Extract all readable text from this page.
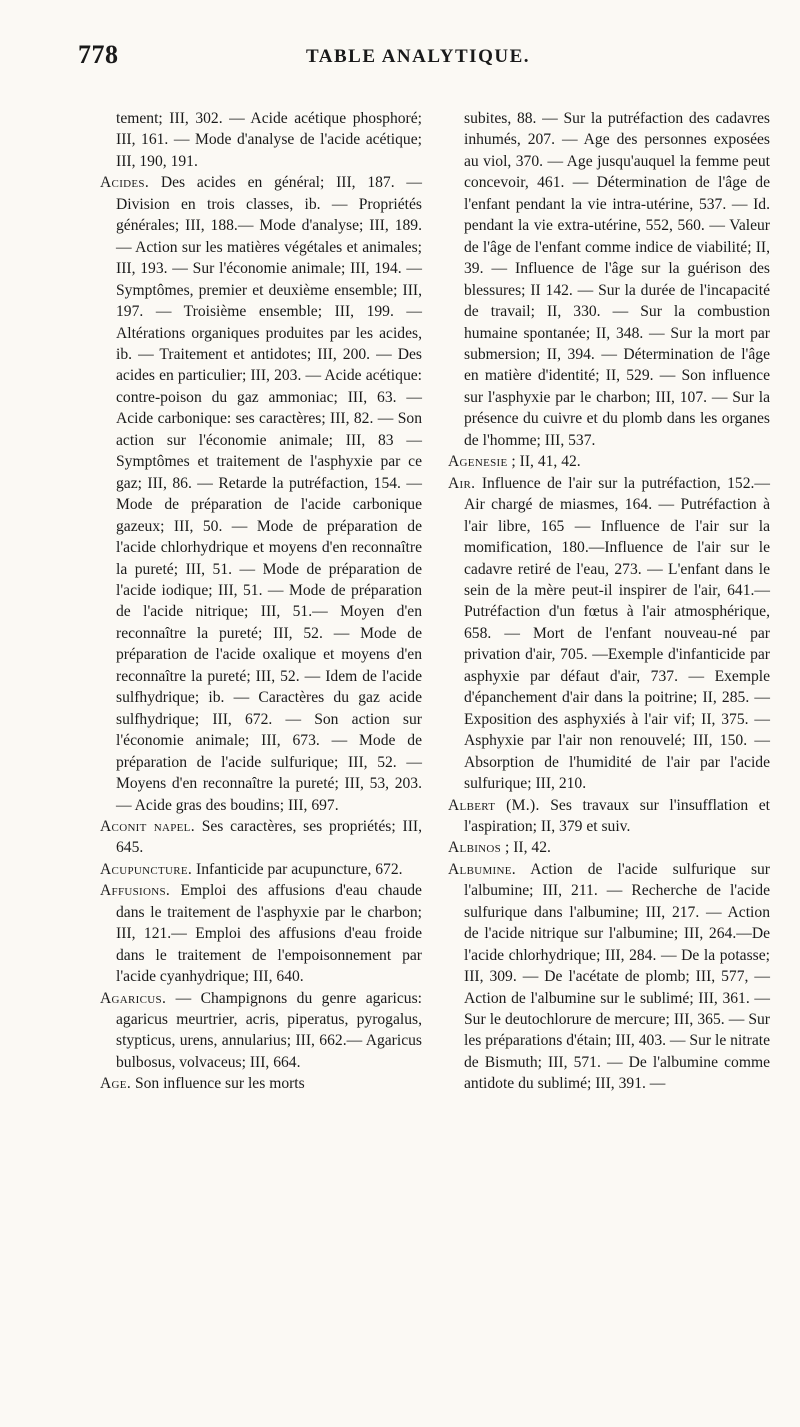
778	TABLE ANALYTIQUE.

tement; III, 302. — Acide acétique phosphoré; III, 161. — Mode d'analyse de l'acide acétique; III, 190, 191.

Acides. Des acides en général; III, 187. — Division en trois classes, ib. — Propriétés générales; III, 188.— Mode d'analyse; III, 189. — Action sur les matières végétales et animales; III, 193. — Sur l'économie animale; III, 194. — Symptômes, premier et deuxième ensemble; III, 197. — Troisième ensemble; III, 199. — Altérations organiques produites par les acides, ib. — Traitement et antidotes; III, 200. — Des acides en particulier; III, 203. — Acide acétique: contre-poison du gaz ammoniac; III, 63. — Acide carbonique: ses caractères; III, 82. — Son action sur l'économie animale; III, 83 — Symptômes et traitement de l'asphyxie par ce gaz; III, 86. — Retarde la putréfaction, 154. — Mode de préparation de l'acide carbonique gazeux; III, 50. — Mode de préparation de l'acide chlorhydrique et moyens d'en reconnaître la pureté; III, 51. — Mode de préparation de l'acide iodique; III, 51. — Mode de préparation de l'acide nitrique; III, 51.— Moyen d'en reconnaître la pureté; III, 52. — Mode de préparation de l'acide oxalique et moyens d'en reconnaître la pureté; III, 52. — Idem de l'acide sulfhydrique; ib. — Caractères du gaz acide sulfhydrique; III, 672. — Son action sur l'économie animale; III, 673. — Mode de préparation de l'acide sulfurique; III, 52. — Moyens d'en reconnaître la pureté; III, 53, 203. — Acide gras des boudins; III, 697.

Aconit napel. Ses caractères, ses propriétés; III, 645.

Acupuncture. Infanticide par acupuncture, 672.

Affusions. Emploi des affusions d'eau chaude dans le traitement de l'asphyxie par le charbon; III, 121.— Emploi des affusions d'eau froide dans le traitement de l'empoisonnement par l'acide cyanhydrique; III, 640.

Agaricus. — Champignons du genre agaricus: agaricus meurtrier, acris, piperatus, pyrogalus, stypticus, urens, annularius; III, 662.— Agaricus bulbosus, volvaceus; III, 664.

Age. Son influence sur les morts

subites, 88. — Sur la putréfaction des cadavres inhumés, 207. — Age des personnes exposées au viol, 370. — Age jusqu'auquel la femme peut concevoir, 461. — Détermination de l'âge de l'enfant pendant la vie intra-utérine, 537. — Id. pendant la vie extra-utérine, 552, 560. — Valeur de l'âge de l'enfant comme indice de viabilité; II, 39. — Influence de l'âge sur la guérison des blessures; II 142. — Sur la durée de l'incapacité de travail; II, 330. — Sur la combustion humaine spontanée; II, 348. — Sur la mort par submersion; II, 394. — Détermination de l'âge en matière d'identité; II, 529. — Son influence sur l'asphyxie par le charbon; III, 107. — Sur la présence du cuivre et du plomb dans les organes de l'homme; III, 537.

Agenesie ; II, 41, 42.

Air. Influence de l'air sur la putréfaction, 152.—Air chargé de miasmes, 164. — Putréfaction à l'air libre, 165 — Influence de l'air sur la momification, 180.—Influence de l'air sur le cadavre retiré de l'eau, 273. — L'enfant dans le sein de la mère peut-il inspirer de l'air, 641.—Putréfaction d'un fœtus à l'air atmosphérique, 658. — Mort de l'enfant nouveau-né par privation d'air, 705. —Exemple d'infanticide par asphyxie par défaut d'air, 737. — Exemple d'épanchement d'air dans la poitrine; II, 285. — Exposition des asphyxiés à l'air vif; II, 375. — Asphyxie par l'air non renouvelé; III, 150. — Absorption de l'humidité de l'air par l'acide sulfurique; III, 210.

Albert (M.). Ses travaux sur l'insufflation et l'aspiration; II, 379 et suiv.

Albinos ; II, 42.

Albumine. Action de l'acide sulfurique sur l'albumine; III, 211. — Recherche de l'acide sulfurique dans l'albumine; III, 217. — Action de l'acide nitrique sur l'albumine; III, 264.—De l'acide chlorhydrique; III, 284. — De la potasse; III, 309. — De l'acétate de plomb; III, 577, — Action de l'albumine sur le sublimé; III, 361. — Sur le deutochlorure de mercure; III, 365. — Sur les préparations d'étain; III, 403. — Sur le nitrate de Bismuth; III, 571. — De l'albumine comme antidote du sublimé; III, 391. —
